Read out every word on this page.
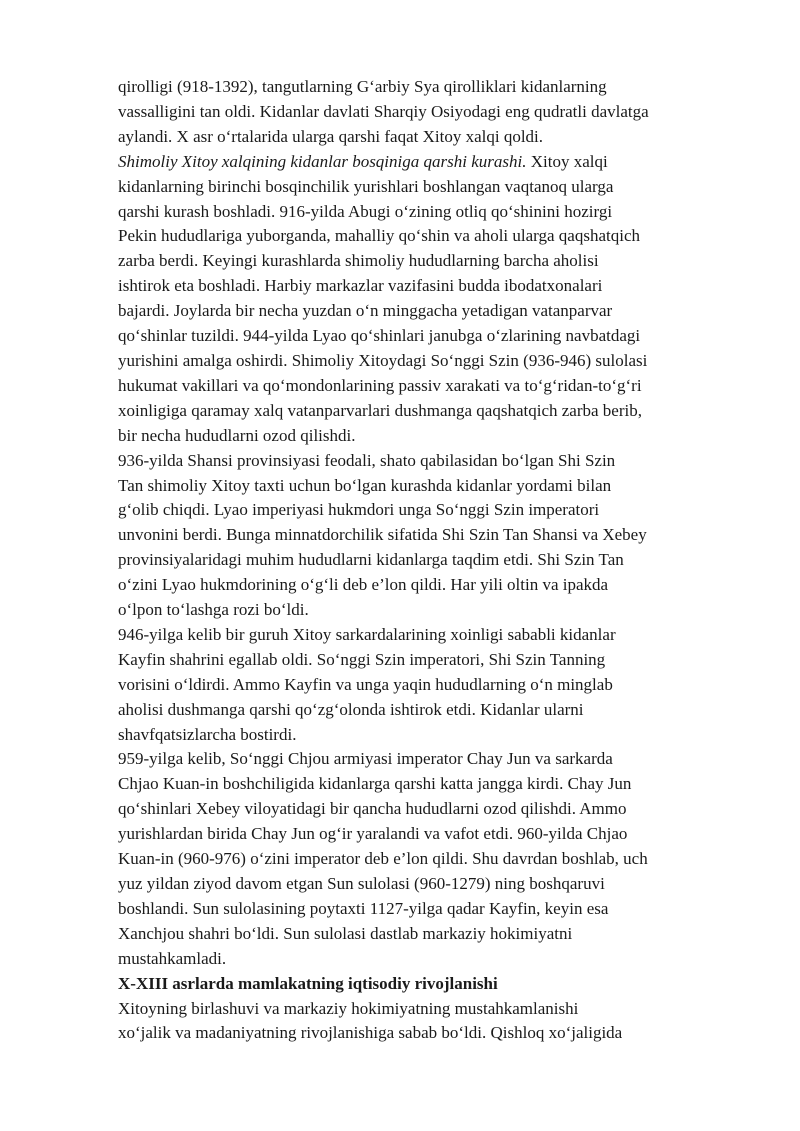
qirolligi (918-1392), tangutlarning G‘arbiy Sya qirolliklari kidanlarning
vassalligini tan oldi. Kidanlar davlati Sharqiy Osiyodagi eng qudratli davlatga
aylandi. X asr o‘rtalarida ularga qarshi faqat Xitoy xalqi qoldi.

Shimoliy Xitoy xalqining kidanlar bosqiniga qarshi kurashi. Xitoy xalqi
kidanlarning birinchi bosqinchilik yurishlari boshlangan vaqtanoq ularga
qarshi kurash boshladi. 916-yilda Abugi o‘zining otliq qo‘shinini hozirgi
Pekin hududlariga yuborganda, mahalliy qo‘shin va aholi ularga qaqshatqich
zarba berdi. Keyingi kurashlarda shimoliy hududlarning barcha aholisi
ishtirok eta boshladi. Harbiy markazlar vazifasini budda ibodatxonalari
bajardi. Joylarda bir necha yuzdan o‘n minggacha yetadigan vatanparvar
qo‘shinlar tuzildi. 944-yilda Lyao qo‘shinlari janubga o‘zlarining navbatdagi
yurishini amalga oshirdi. Shimoliy Xitoydagi So‘nggi Szin (936-946) sulolasi
hukumat vakillari va qo‘mondonlarining passiv xarakati va to‘g‘ridan-to‘g‘ri
xoinligiga qaramay xalq vatanparvarlari dushmanga qaqshatqich zarba berib,
bir necha hududlarni ozod qilishdi.

936-yilda Shansi provinsiyasi feodali, shato qabilasidan bo‘lgan Shi Szin
Tan shimoliy Xitoy taxti uchun bo‘lgan kurashda kidanlar yordami bilan
g‘olib chiqdi. Lyao imperiyasi hukmdori unga So‘nggi Szin imperatori
unvonini berdi. Bunga minnatdorchilik sifatida Shi Szin Tan Shansi va Xebey
provinsiyalaridagi muhim hududlarni kidanlarga taqdim etdi. Shi Szin Tan
o‘zini Lyao hukmdorining o‘g‘li deb e’lon qildi. Har yili oltin va ipakda
o‘lpon to‘lashga rozi bo‘ldi.

946-yilga kelib bir guruh Xitoy sarkardalarining xoinligi sababli kidanlar
Kayfin shahrini egallab oldi. So‘nggi Szin imperatori, Shi Szin Tanning
vorisini o‘ldirdi. Ammo Kayfin va unga yaqin hududlarning o‘n minglab
aholisi dushmanga qarshi qo‘zg‘olonda ishtirok etdi. Kidanlar ularni
shavfqatsizlarcha bostirdi.

959-yilga kelib, So‘nggi Chjou armiyasi imperator Chay Jun va sarkarda
Chjao Kuan-in boshchiligida kidanlarga qarshi katta jangga kirdi. Chay Jun
qo‘shinlari Xebey viloyatidagi bir qancha hududlarni ozod qilishdi. Ammo
yurishlardan birida Chay Jun og‘ir yaralandi va vafot etdi. 960-yilda Chjao
Kuan-in (960-976) o‘zini imperator deb e’lon qildi. Shu davrdan boshlab, uch
yuz yildan ziyod davom etgan Sun sulolasi (960-1279) ning boshqaruvi
boshlandi. Sun sulolasining poytaxti 1127-yilga qadar Kayfin, keyin esa
Xanchjou shahri bo‘ldi. Sun sulolasi dastlab markaziy hokimiyatni
mustahkamladi.

X-XIII asrlarda mamlakatning iqtisodiy rivojlanishi

Xitoyning birlashuvi va markaziy hokimiyatning mustahkamlanishi
xo‘jalik va madaniyatning rivojlanishiga sabab bo‘ldi. Qishloq xo‘jaligida
